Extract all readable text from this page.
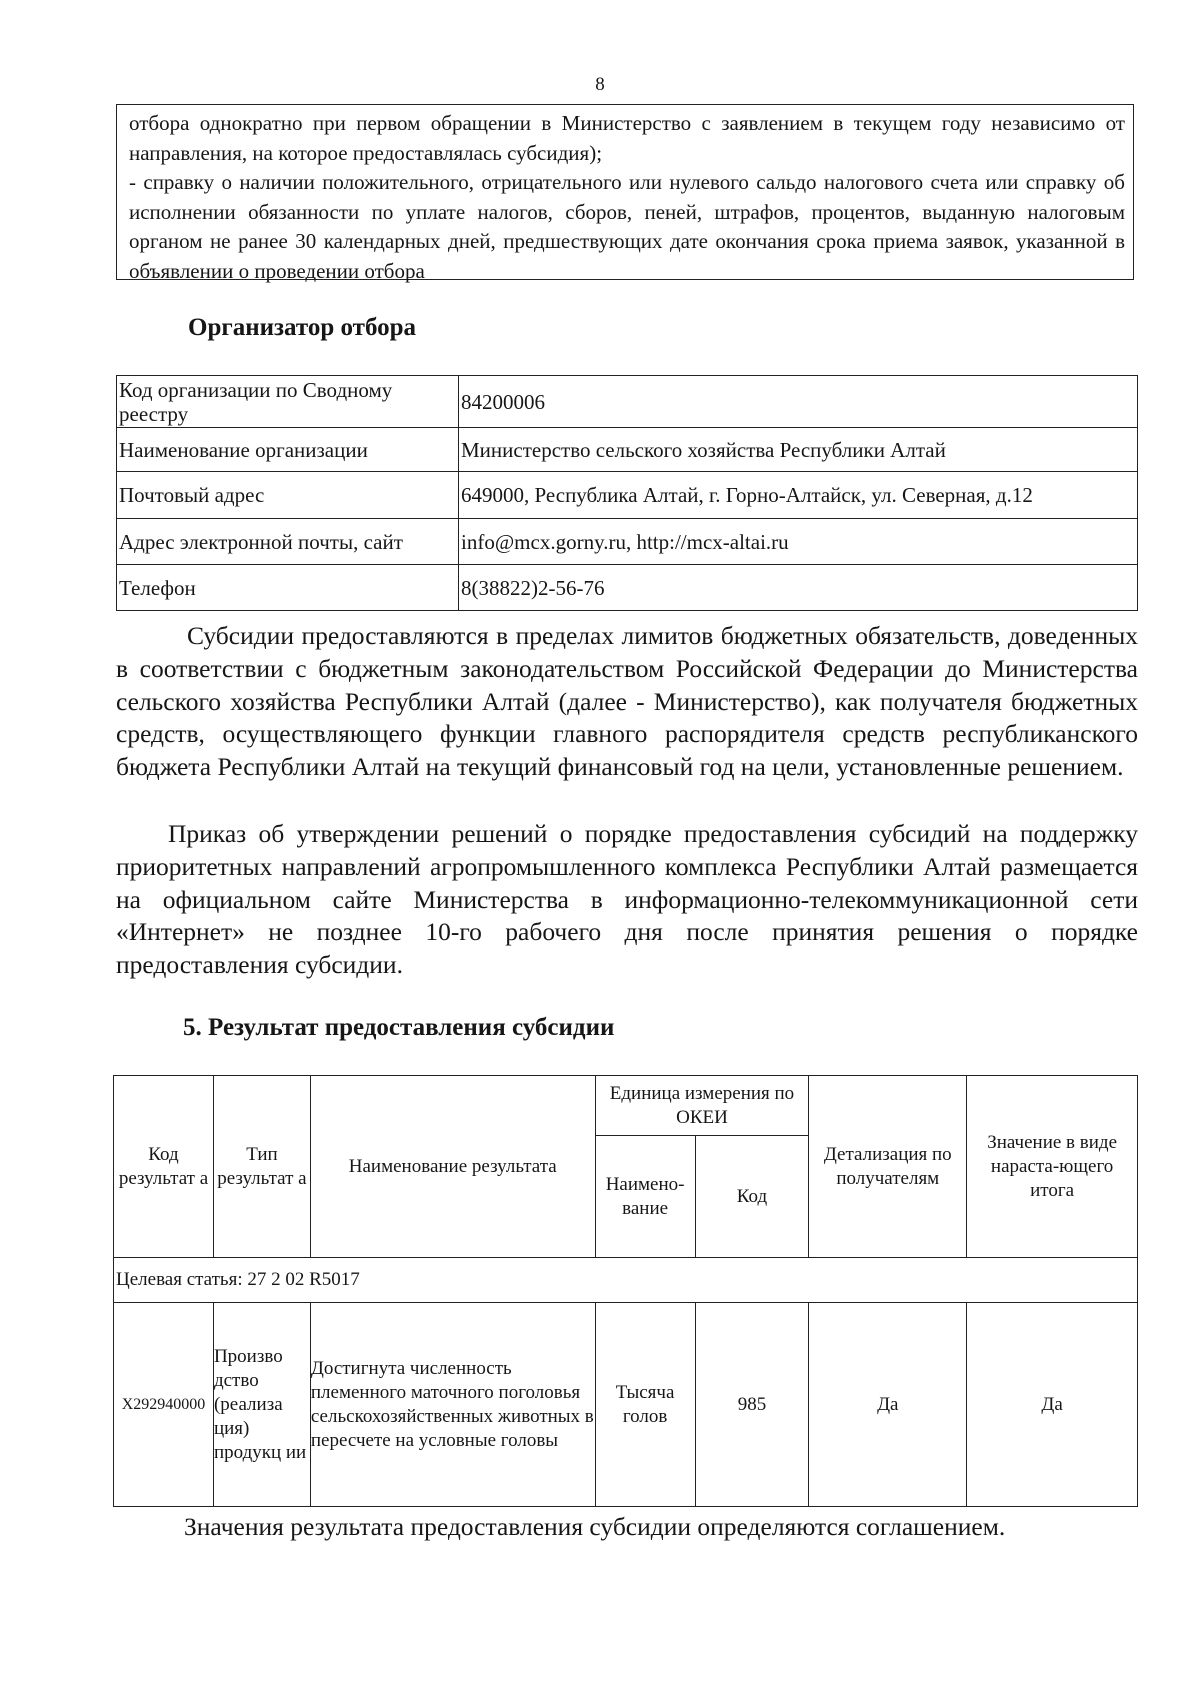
8

отбора однократно при первом обращении в Министерство с заявлением в текущем году независимо от направления, на которое предоставлялась субсидия);

- справку о наличии положительного, отрицательного или нулевого сальдо налогового счета или справку об исполнении обязанности по уплате налогов, сборов, пеней, штрафов, процентов, выданную налоговым органом не ранее 30 календарных дней, предшествующих дате окончания срока приема заявок, указанной в объявлении о проведении отбора

Организатор отбора
Код организации по Сводному реестру	84200006
Наименование организации	Министерство сельского хозяйства Республики Алтай
Почтовый адрес	649000, Республика Алтай, г. Горно-Алтайск, ул. Северная, д.12
Адрес электронной почты, сайт	info@mcx.gorny.ru, http://mcx-altai.ru
Телефон	8(38822)2-56-76
Субсидии предоставляются в пределах лимитов бюджетных обязательств, доведенных в соответствии с бюджетным законодательством Российской Федерации до Министерства сельского хозяйства Республики Алтай (далее - Министерство), как получателя бюджетных средств, осуществляющего функции главного распорядителя средств республиканского бюджета Республики Алтай на текущий финансовый год на цели, установленные решением.
Приказ об утверждении решений о порядке предоставления субсидий на поддержку приоритетных направлений агропромышленного комплекса Республики Алтай размещается на официальном сайте Министерства в информационно-телекоммуникационной сети «Интернет» не позднее 10-го рабочего дня после принятия решения о порядке предоставления субсидии.
5. Результат предоставления субсидии
Код результат а	Тип результат а	Наименование результата	Единица измерения по ОКЕИ		Детализация по получателям	Значение в виде нараста-ющего итога
			Наимено-вание	Код		
Целевая статья: 27 2 02 R5017						
X292940000	Произво дство (реализа ция) продукц ии	Достигнута численность племенного маточного поголовья сельскохозяйственных животных в пересчете на условные головы	Тысяча голов	985	Да	Да
Значения результата предоставления субсидии определяются соглашением.
